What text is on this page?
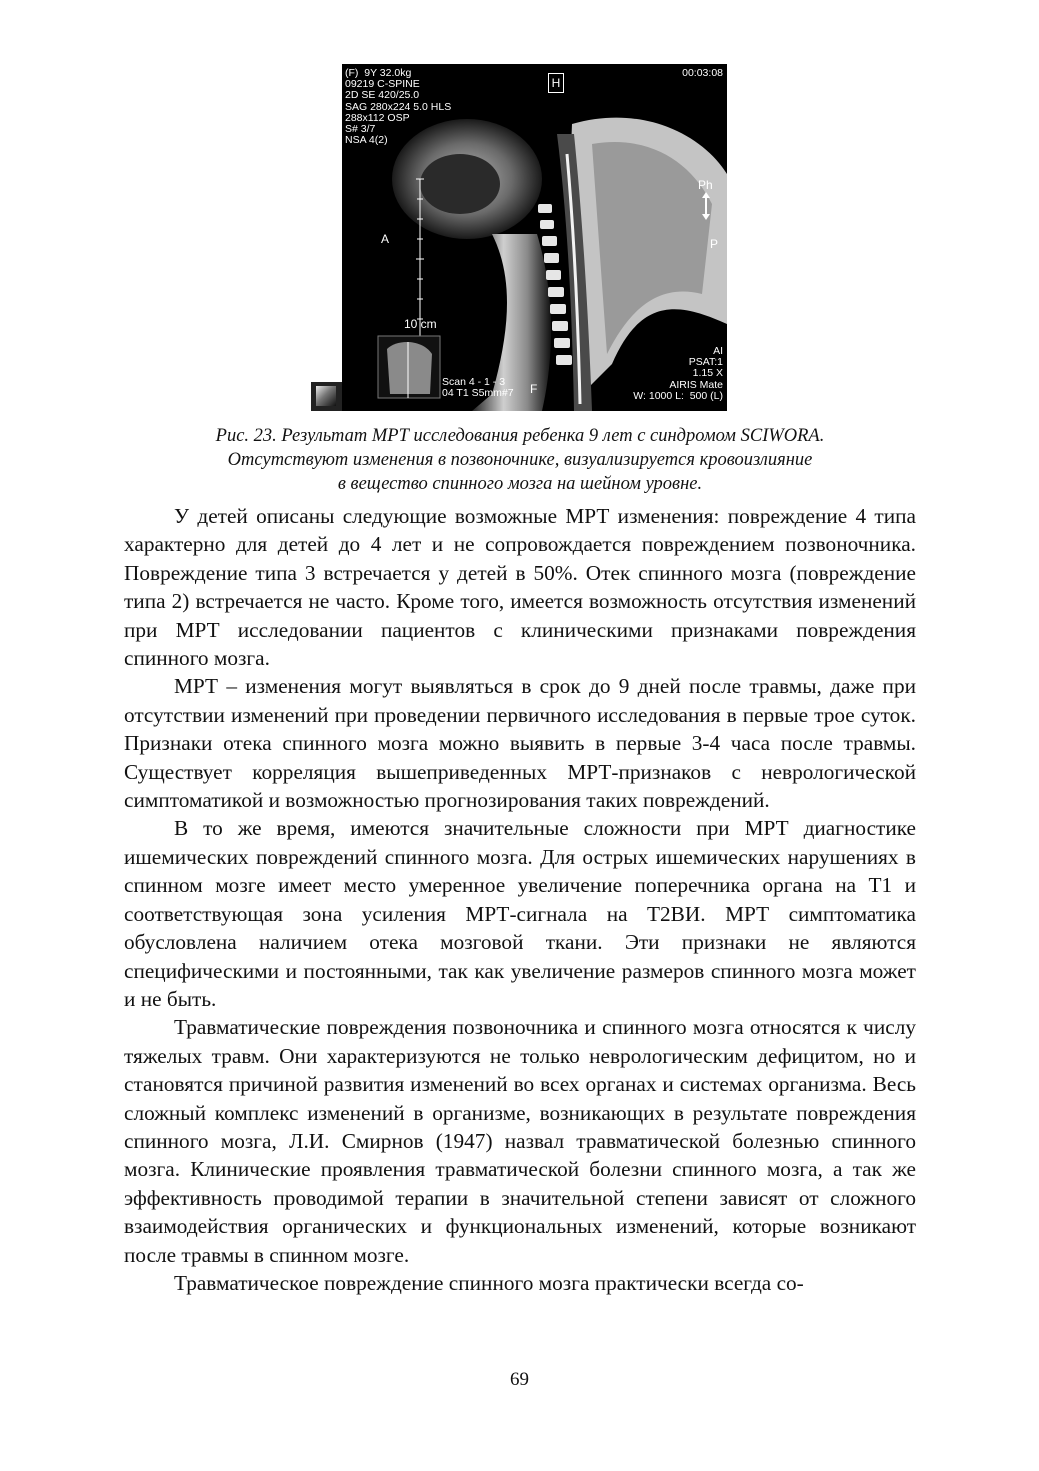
(F)  9Y 32.0kg
09219 C-SPINE
2D SE 420/25.0
SAG 280x224 5.0 HLS
288x112 OSP
S# 3/7
NSA 4(2)
00:03:08
AI
PSAT:1
1.15 X
AIRIS Mate
W: 1000 L:  500 (L)
Scan 4 - 1 - 3
04 T1 S5mm#7
H
A	P
Ph
10 cm
F
Рис. 23. Результат МРТ исследования ребенка 9 лет с синдромом SCIWORA.
Отсутствуют изменения в позвоночнике, визуализируется кровоизлияние
в вещество спинного мозга на шейном уровне.

У детей описаны следующие возможные МРТ изменения: повреждение 4 типа характерно для детей до 4 лет и не сопровождается повреждением позвоночника. Повреждение типа 3 встречается у детей в 50%. Отек спинного мозга (повреждение типа 2) встречается не часто. Кроме того, имеется возможность отсутствия изменений при МРТ исследовании пациентов с клиническими признаками повреждения спинного мозга.

МРТ – изменения могут выявляться в срок до 9 дней после травмы, даже при отсутствии изменений при проведении первичного исследования в первые трое суток. Признаки отека спинного мозга можно выявить в первые 3-4 часа после травмы. Существует корреляция вышеприведенных МРТ-признаков с неврологической симптоматикой и возможностью прогнозирования таких повреждений.

В то же время, имеются значительные сложности при МРТ диагностике ишемических повреждений спинного мозга. Для острых ишемических нарушениях в спинном мозге имеет место умеренное увеличение поперечника органа на Т1 и соответствующая зона усиления МРТ-сигнала на Т2ВИ. МРТ симптоматика обусловлена наличием отека мозговой ткани. Эти признаки не являются специфическими и постоянными, так как увеличение размеров спинного мозга может и не быть.

Травматические повреждения позвоночника и спинного мозга относятся к числу тяжелых травм. Они характеризуются не только неврологическим дефицитом, но и становятся причиной развития изменений во всех органах и системах организма. Весь сложный комплекс изменений в организме, возникающих в результате повреждения спинного мозга, Л.И. Смирнов (1947) назвал травматической болезнью спинного мозга. Клинические проявления травматической болезни спинного мозга, а так же эффективность проводимой терапии в значительной степени зависят от сложного взаимодействия органических и функциональных изменений, которые возникают после травмы в спинном мозге.

Травматическое повреждение спинного мозга практически всегда со-

69
